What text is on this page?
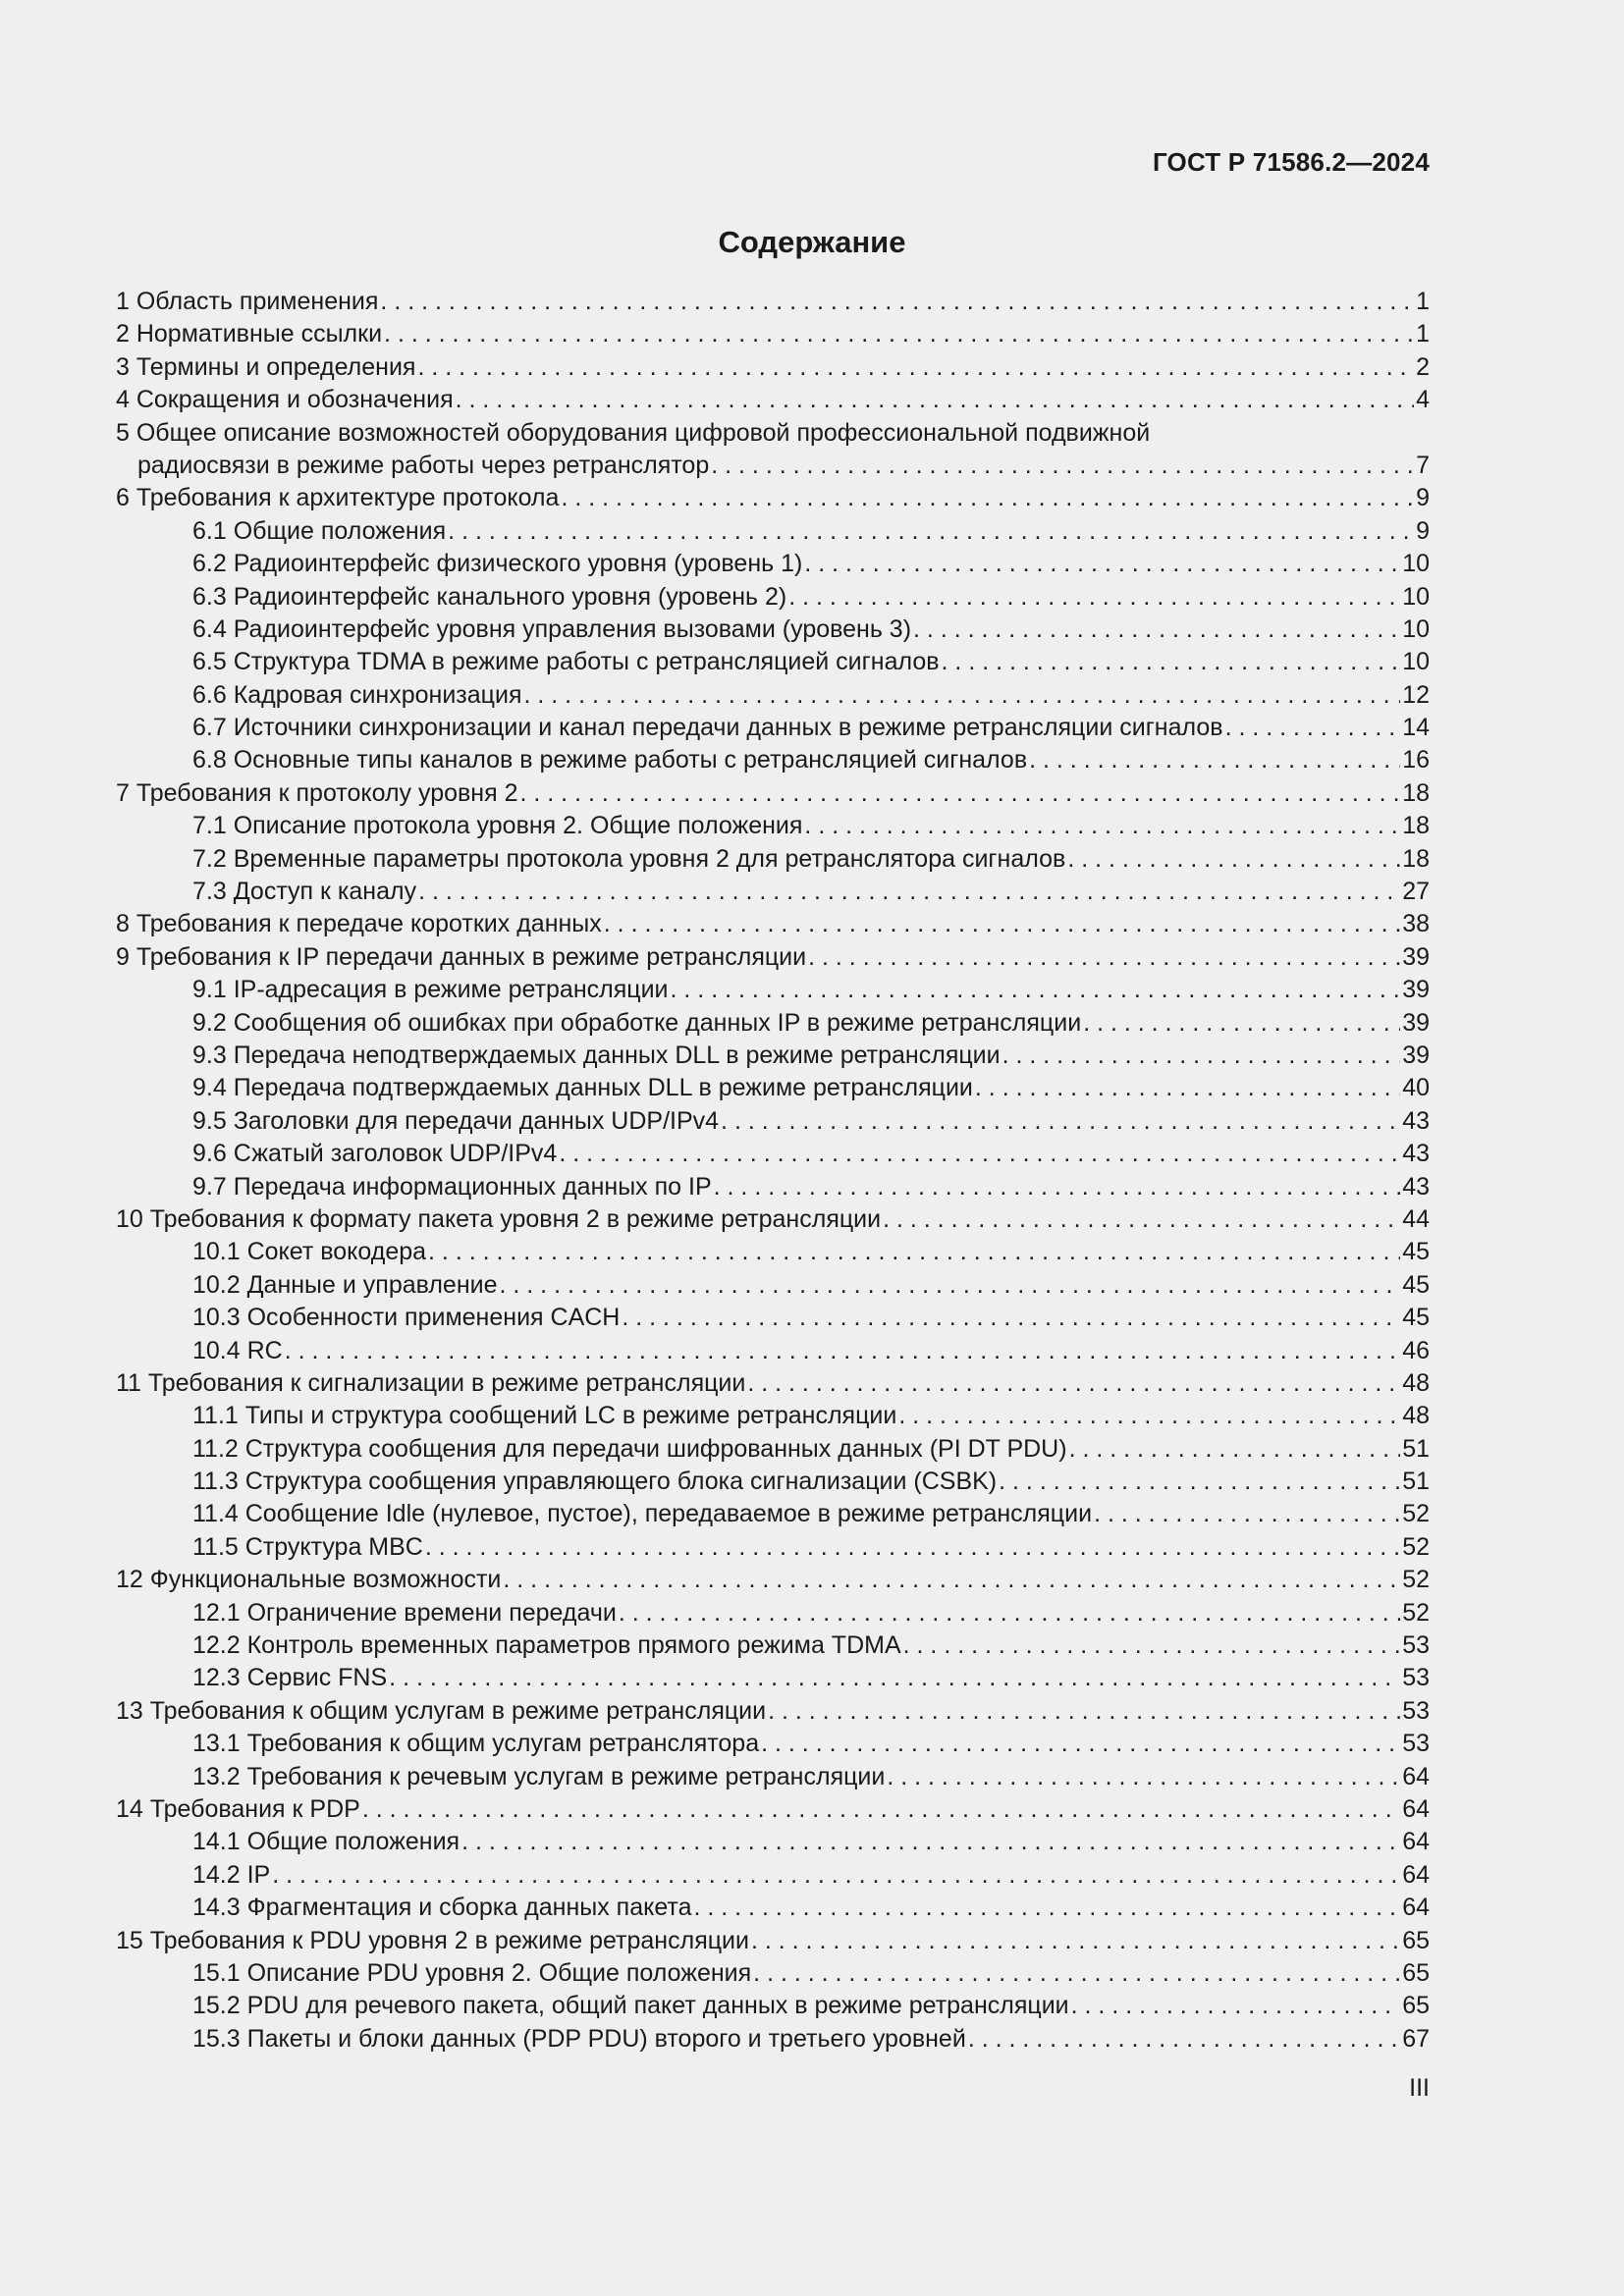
ГОСТ Р 71586.2—2024
Содержание
1 Область применения . . .	1
2 Нормативные ссылки . . .	1
3 Термины и определения . . .	2
4 Сокращения и обозначения . . .	4
5 Общее описание возможностей оборудования цифровой профессиональной подвижной
радиосвязи в режиме работы через ретранслятор . . .	7
6 Требования к архитектуре протокола . . .	9
6.1 Общие положения . . .	9
6.2 Радиоинтерфейс физического уровня (уровень 1) . . .	10
6.3 Радиоинтерфейс канального уровня (уровень 2) . . .	10
6.4 Радиоинтерфейс уровня управления вызовами (уровень 3) . . .	10
6.5 Структура TDMA в режиме работы с ретрансляцией сигналов . . .	10
6.6 Кадровая синхронизация . . .	12
6.7 Источники синхронизации и канал передачи данных в режиме ретрансляции сигналов . . .	14
6.8 Основные типы каналов в режиме работы с ретрансляцией сигналов . . .	16
7 Требования к протоколу уровня 2 . . .	18
7.1 Описание протокола уровня 2. Общие положения . . .	18
7.2 Временные параметры протокола уровня 2 для ретранслятора сигналов . . .	18
7.3 Доступ к каналу . . .	27
8 Требования к передаче коротких данных . . .	38
9 Требования к IP передачи данных в режиме ретрансляции . . .	39
9.1 IP-адресация в режиме ретрансляции . . .	39
9.2 Сообщения об ошибках при обработке данных IP в режиме ретрансляции . . .	39
9.3 Передача неподтверждаемых данных DLL в режиме ретрансляции . . .	39
9.4 Передача подтверждаемых данных DLL в режиме ретрансляции . . .	40
9.5 Заголовки для передачи данных UDP/IPv4 . . .	43
9.6 Сжатый заголовок UDP/IPv4 . . .	43
9.7 Передача информационных данных по IP . . .	43
10 Требования к формату пакета уровня 2 в режиме ретрансляции . . .	44
10.1 Сокет вокодера . . .	45
10.2 Данные и управление . . .	45
10.3 Особенности применения CACH . . .	45
10.4 RC . . .	46
11 Требования к сигнализации в режиме ретрансляции . . .	48
11.1 Типы и структура сообщений LC в режиме ретрансляции . . .	48
11.2 Структура сообщения для передачи шифрованных данных (PI DT PDU) . . .	51
11.3 Структура сообщения управляющего блока сигнализации (CSBK) . . .	51
11.4 Сообщение Idle (нулевое, пустое), передаваемое в режиме ретрансляции . . .	52
11.5 Структура MBC . . .	52
12 Функциональные возможности . . .	52
12.1 Ограничение времени передачи . . .	52
12.2 Контроль временных параметров прямого режима TDMA . . .	53
12.3 Сервис FNS . . .	53
13 Требования к общим услугам в режиме ретрансляции . . .	53
13.1 Требования к общим услугам ретранслятора . . .	53
13.2 Требования к речевым услугам в режиме ретрансляции . . .	64
14 Требования к PDP . . .	64
14.1 Общие положения . . .	64
14.2 IP . . .	64
14.3 Фрагментация и сборка данных пакета . . .	64
15 Требования к PDU уровня 2 в режиме ретрансляции . . .	65
15.1 Описание PDU уровня 2. Общие положения . . .	65
15.2 PDU для речевого пакета, общий пакет данных в режиме ретрансляции . . .	65
15.3 Пакеты и блоки данных (PDP PDU) второго и третьего уровней . . .	67
III
